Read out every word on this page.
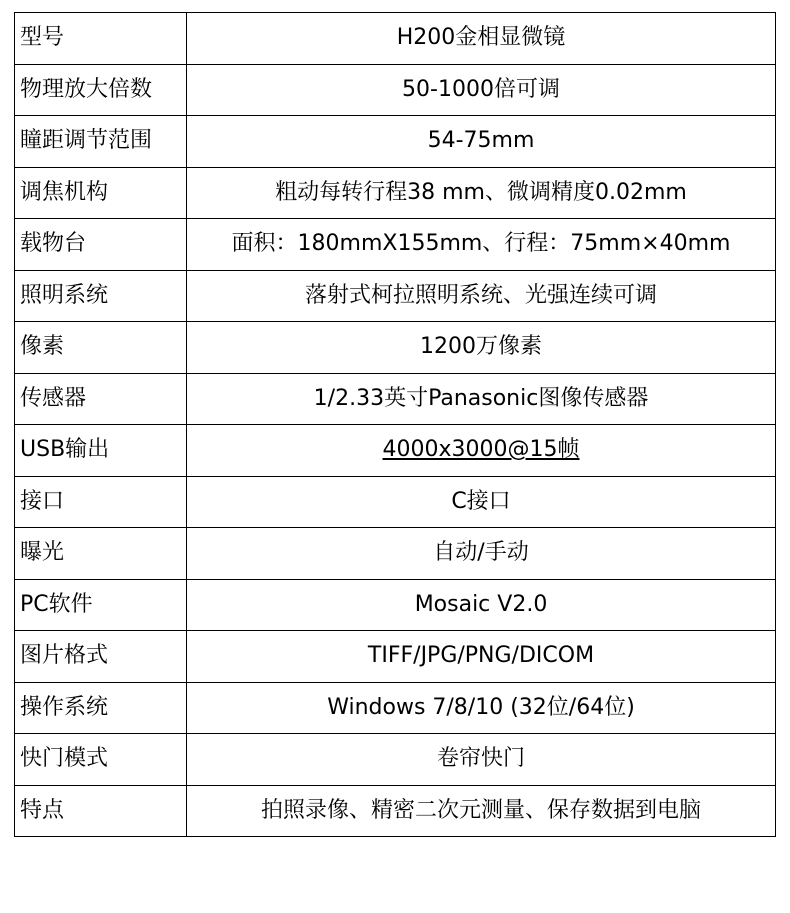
型号	H200金相显微镜
物理放大倍数	50-1000倍可调
瞳距调节范围	54-75mm
调焦机构	粗动每转行程38 mm、微调精度0.02mm
载物台	面积：180mmX155mm、行程：75mm×40mm
照明系统	落射式柯拉照明系统、光强连续可调
像素	1200万像素
传感器	1/2.33英寸Panasonic图像传感器
USB输出	4000x3000@15帧
接口	C接口
曝光	自动/手动
PC软件	Mosaic V2.0
图片格式	TIFF/JPG/PNG/DICOM
操作系统	Windows 7/8/10 (32位/64位)
快门模式	卷帘快门
特点	拍照录像、精密二次元测量、保存数据到电脑
